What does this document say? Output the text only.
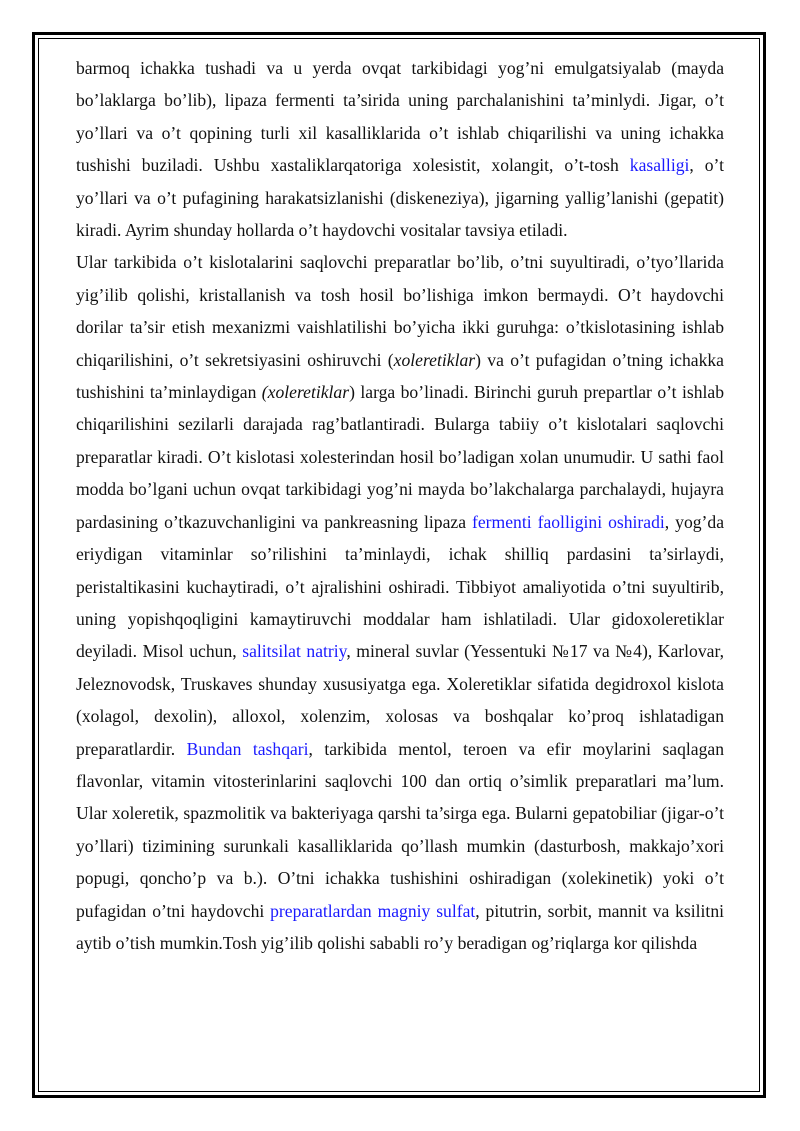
barmoq ichakka tushadi va u yerda ovqat tarkibidagi yog’ni emulgatsiyalab (mayda bo’laklarga bo’lib), lipaza fermenti ta’sirida uning parchalanishini ta’minlydi. Jigar, o’t yo’llari va o’t qopining turli xil kasalliklarida o’t ishlab chiqarilishi va uning ichakka tushishi buziladi. Ushbu xastaliklarqatoriga xolesistit, xolangit, o’t-tosh kasalligi, o’t yo’llari va o’t pufagining harakatsizlanishi (diskeneziya), jigarning yallig’lanishi (gepatit) kiradi. Ayrim shunday hollarda o’t haydovchi vositalar tavsiya etiladi.

Ular tarkibida o’t kislotalarini saqlovchi preparatlar bo’lib, o’tni suyultiradi, o’tyo’llarida yig’ilib qolishi, kristallanish va tosh hosil bo’lishiga imkon bermaydi. O’t haydovchi dorilar ta’sir etish mexanizmi vaishlatilishi bo’yicha ikki guruhga: o’tkislotasining ishlab chiqarilishini, o’t sekretsiyasini oshiruvchi (xoleretiklar) va o’t pufagidan o’tning ichakka tushishini ta’minlaydigan (xoleretiklar) larga bo’linadi. Birinchi guruh prepartlar o’t ishlab chiqarilishini sezilarli darajada rag’batlantiradi. Bularga tabiiy o’t kislotalari saqlovchi preparatlar kiradi. O’t kislotasi xolesterindan hosil bo’ladigan xolan unumudir. U sathi faol modda bo’lgani uchun ovqat tarkibidagi yog’ni mayda bo’lakchalarga parchalaydi, hujayra pardasining o’tkazuvchanligini va pankreasning lipaza fermenti faolligini oshiradi, yog’da eriydigan vitaminlar so’rilishini ta’minlaydi, ichak shilliq pardasini ta’sirlaydi, peristaltikasini kuchaytiradi, o’t ajralishini oshiradi. Tibbiyot amaliyotida o’tni suyultirib, uning yopishqoqligini kamaytiruvchi moddalar ham ishlatiladi. Ular gidoxoleretiklar deyiladi. Misol uchun, salitsilat natriy, mineral suvlar (Yessentuki №17 va №4), Karlovar, Jeleznovodsk, Truskaves shunday xususiyatga ega. Xoleretiklar sifatida degidroxol kislota (xolagol, dexolin), alloxol, xolenzim, xolosas va boshqalar ko’proq ishlatadigan preparatlardir. Bundan tashqari, tarkibida mentol, teroen va efir moylarini saqlagan flavonlar, vitamin vitosterinlarini saqlovchi 100 dan ortiq o’simlik preparatlari ma’lum. Ular xoleretik, spazmolitik va bakteriyaga qarshi ta’sirga ega. Bularni gepatobiliar (jigar-o’t yo’llari) tizimining surunkali kasalliklarida qo’llash mumkin (dasturbosh, makkajo’xori popugi, qoncho’p va b.). O’tni ichakka tushishini oshiradigan (xolekinetik) yoki o’t pufagidan o’tni haydovchi preparatlardan magniy sulfat, pitutrin, sorbit, mannit va ksilitni aytib o’tish mumkin.Tosh yig’ilib qolishi sababli ro’y beradigan og’riqlarga kor qilishda
